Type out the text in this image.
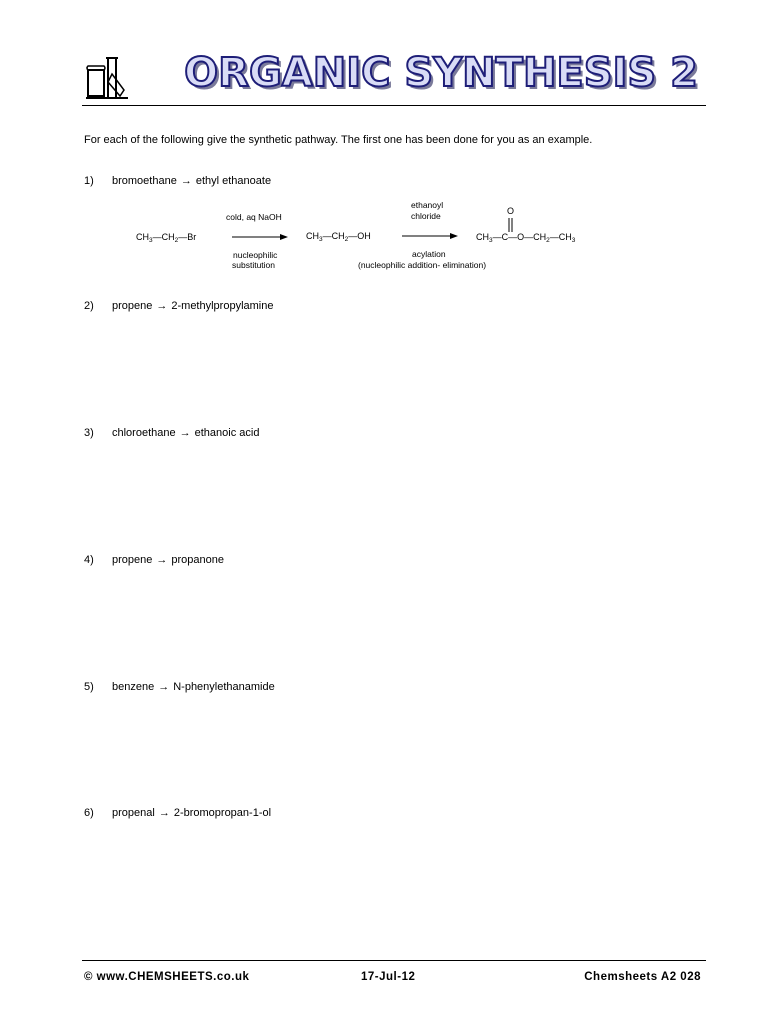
ORGANIC SYNTHESIS 2
For each of the following give the synthetic pathway. The first one has been done for you as an example.
1) bromoethane → ethyl ethanoate
$CH_3—CH_2—Br$
cold, aq NaOH
nucleophilic
substitution
$CH_3—CH_2—OH$
ethanoyl
chloride
acylation
(nucleophilic addition- elimination)
O
$CH_3—C—O—CH_2—CH_3$
2) propene → 2-methylpropylamine
3) chloroethane → ethanoic acid
4) propene → propanone
5) benzene → N-phenylethanamide
6) propenal → 2-bromopropan-1-ol
© www.CHEMSHEETS.co.uk	17-Jul-12	Chemsheets A2 028
